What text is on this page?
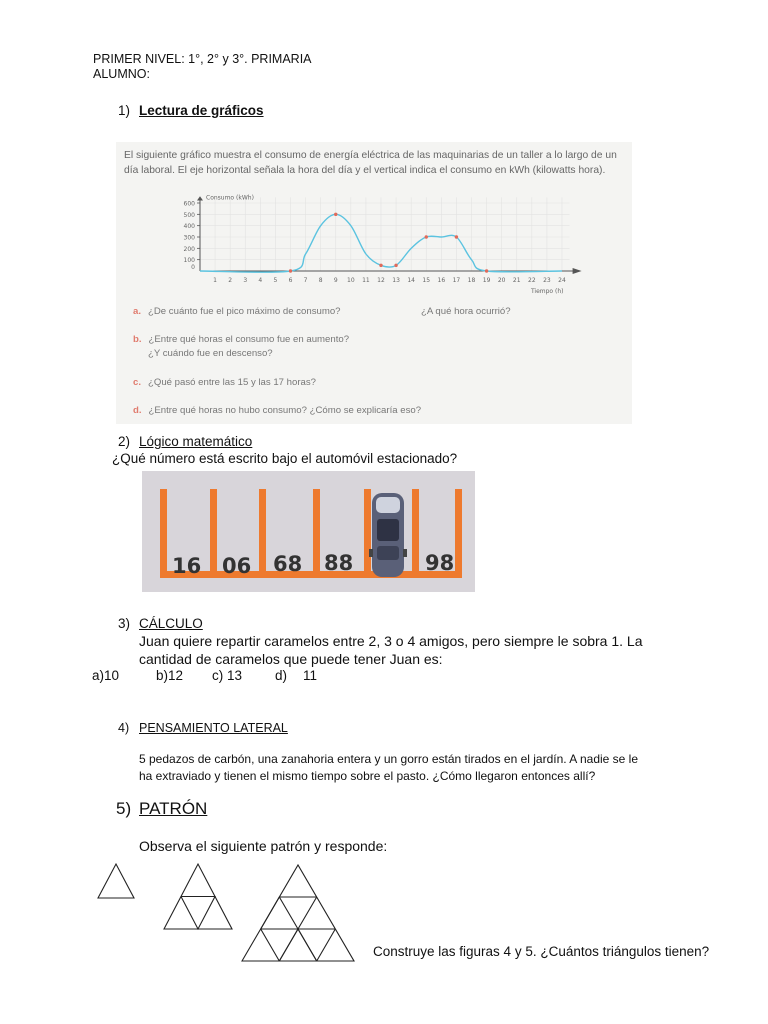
PRIMER NIVEL: 1°, 2° y 3°. PRIMARIA
ALUMNO:
1) Lectura de gráficos
El siguiente gráfico muestra el consumo de energía eléctrica de las maquinarias de un taller a lo largo de un día laboral. El eje horizontal señala la hora del día y el vertical indica el consumo en kWh (kilowatts hora).
100
200
300
400
500
600
0
1 2 3 4 5 6 7 8 9 10 11 12 13 14 15 16 17 18 19 20 21 22 23 24
Consumo (kWh)
Tiempo (h)
a. ¿De cuánto fue el pico máximo de consumo?	¿A qué hora ocurrió?
b. ¿Entre qué horas el consumo fue en aumento?
¿Y cuándo fue en descenso?
c. ¿Qué pasó entre las 15 y las 17 horas?
d. ¿Entre qué horas no hubo consumo? ¿Cómo se explicaría eso?
2) Lógico matemático
¿Qué número está escrito bajo el automóvil estacionado?
16 06 68 88	98
3) CÁLCULO
Juan quiere repartir caramelos entre 2, 3 o 4 amigos, pero siempre le sobra 1. La
cantidad de caramelos que puede tener Juan es:
a)10	b)12 c) 13 d) 11
4) PENSAMIENTO LATERAL
5 pedazos de carbón, una zanahoria entera y un gorro están tirados en el jardín. A nadie se le
ha extraviado y tienen el mismo tiempo sobre el pasto. ¿Cómo llegaron entonces allí?
5) PATRÓN
Observa el siguiente patrón y responde:
Construye las figuras 4 y 5. ¿Cuántos triángulos tienen?
